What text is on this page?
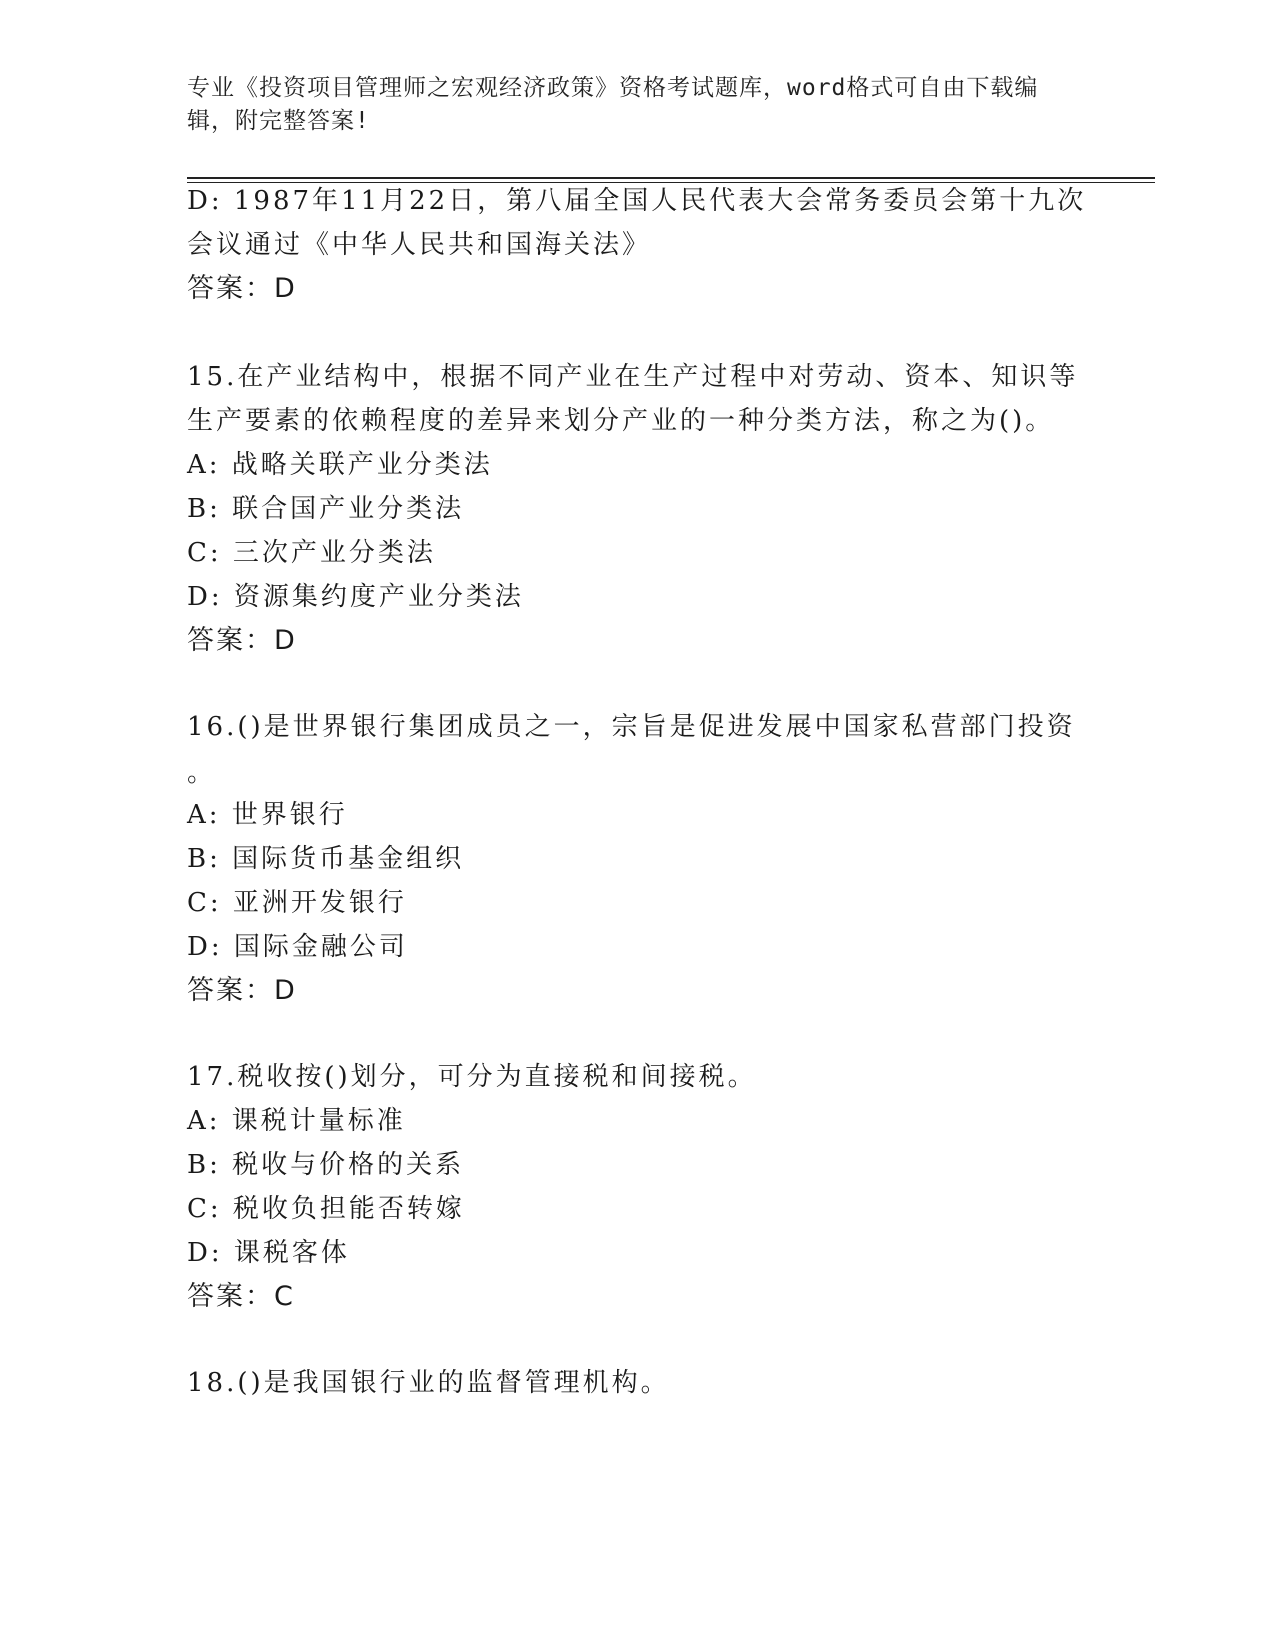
专业《投资项目管理师之宏观经济政策》资格考试题库，word格式可自由下载编
辑，附完整答案!
D: 1987年11月22日，第八届全国人民代表大会常务委员会第十九次
会议通过《中华人民共和国海关法》
答案：D
15.在产业结构中，根据不同产业在生产过程中对劳动、资本、知识等
生产要素的依赖程度的差异来划分产业的一种分类方法，称之为()。
A: 战略关联产业分类法
B: 联合国产业分类法
C: 三次产业分类法
D: 资源集约度产业分类法
答案：D
16.()是世界银行集团成员之一，宗旨是促进发展中国家私营部门投资
。
A: 世界银行
B: 国际货币基金组织
C: 亚洲开发银行
D: 国际金融公司
答案：D
17.税收按()划分，可分为直接税和间接税。
A: 课税计量标准
B: 税收与价格的关系
C: 税收负担能否转嫁
D: 课税客体
答案：C
18.()是我国银行业的监督管理机构。
